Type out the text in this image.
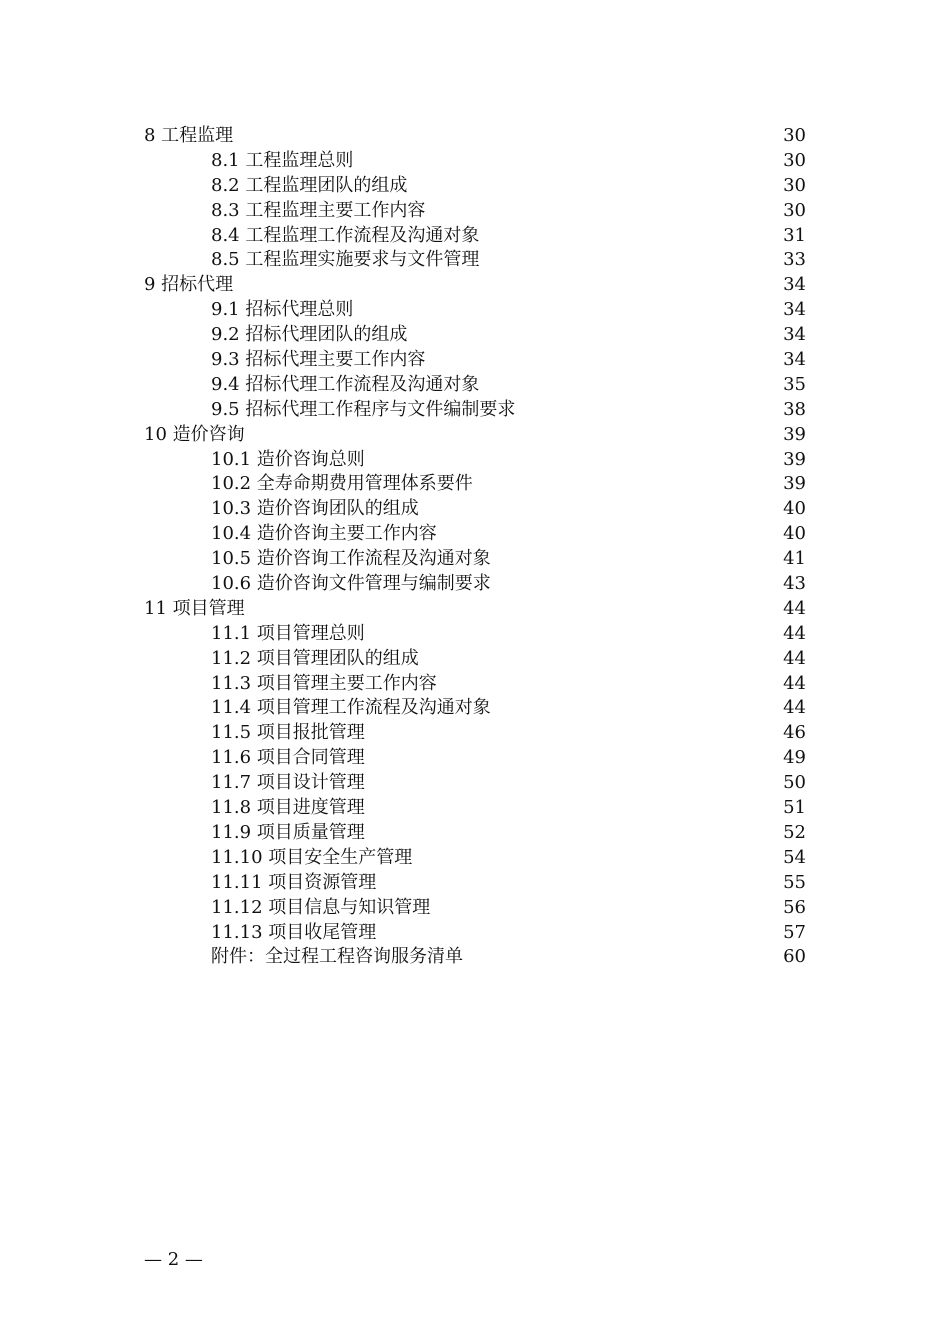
8 工程监理	30
8.1 工程监理总则	30
8.2 工程监理团队的组成	30
8.3 工程监理主要工作内容	30
8.4 工程监理工作流程及沟通对象	31
8.5 工程监理实施要求与文件管理	33
9 招标代理	34
9.1 招标代理总则	34
9.2 招标代理团队的组成	34
9.3 招标代理主要工作内容	34
9.4 招标代理工作流程及沟通对象	35
9.5 招标代理工作程序与文件编制要求	38
10 造价咨询	39
10.1 造价咨询总则	39
10.2 全寿命期费用管理体系要件	39
10.3 造价咨询团队的组成	40
10.4 造价咨询主要工作内容	40
10.5 造价咨询工作流程及沟通对象	41
10.6 造价咨询文件管理与编制要求	43
11 项目管理	44
11.1 项目管理总则	44
11.2 项目管理团队的组成	44
11.3 项目管理主要工作内容	44
11.4 项目管理工作流程及沟通对象	44
11.5 项目报批管理	46
11.6 项目合同管理	49
11.7 项目设计管理	50
11.8 项目进度管理	51
11.9 项目质量管理	52
11.10 项目安全生产管理	54
11.11 项目资源管理	55
11.12 项目信息与知识管理	56
11.13 项目收尾管理	57
附件：全过程工程咨询服务清单	60
— 2 —
